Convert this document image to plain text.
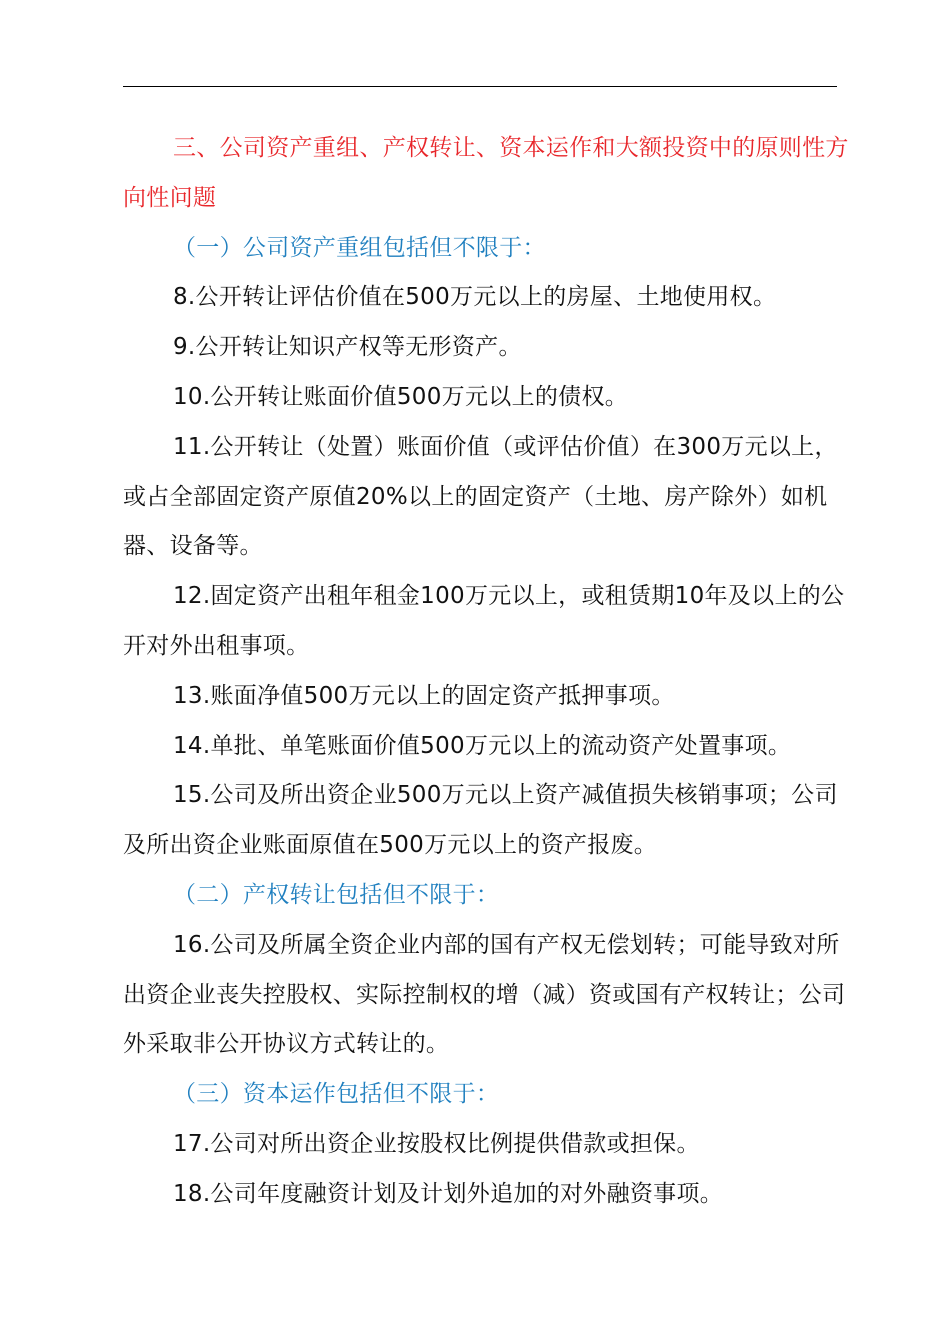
三、公司资产重组、产权转让、资本运作和大额投资中的原则性方向性问题

（一）公司资产重组包括但不限于：

8.公开转让评估价值在500万元以上的房屋、土地使用权。

9.公开转让知识产权等无形资产。

10.公开转让账面价值500万元以上的债权。

11.公开转让（处置）账面价值（或评估价值）在300万元以上，或占全部固定资产原值20%以上的固定资产（土地、房产除外）如机器、设备等。

12.固定资产出租年租金100万元以上，或租赁期10年及以上的公开对外出租事项。

13.账面净值500万元以上的固定资产抵押事项。

14.单批、单笔账面价值500万元以上的流动资产处置事项。

15.公司及所出资企业500万元以上资产减值损失核销事项；公司及所出资企业账面原值在500万元以上的资产报废。

（二）产权转让包括但不限于：

16.公司及所属全资企业内部的国有产权无偿划转；可能导致对所出资企业丧失控股权、实际控制权的增（减）资或国有产权转让；公司外采取非公开协议方式转让的。

（三）资本运作包括但不限于：

17.公司对所出资企业按股权比例提供借款或担保。

18.公司年度融资计划及计划外追加的对外融资事项。
